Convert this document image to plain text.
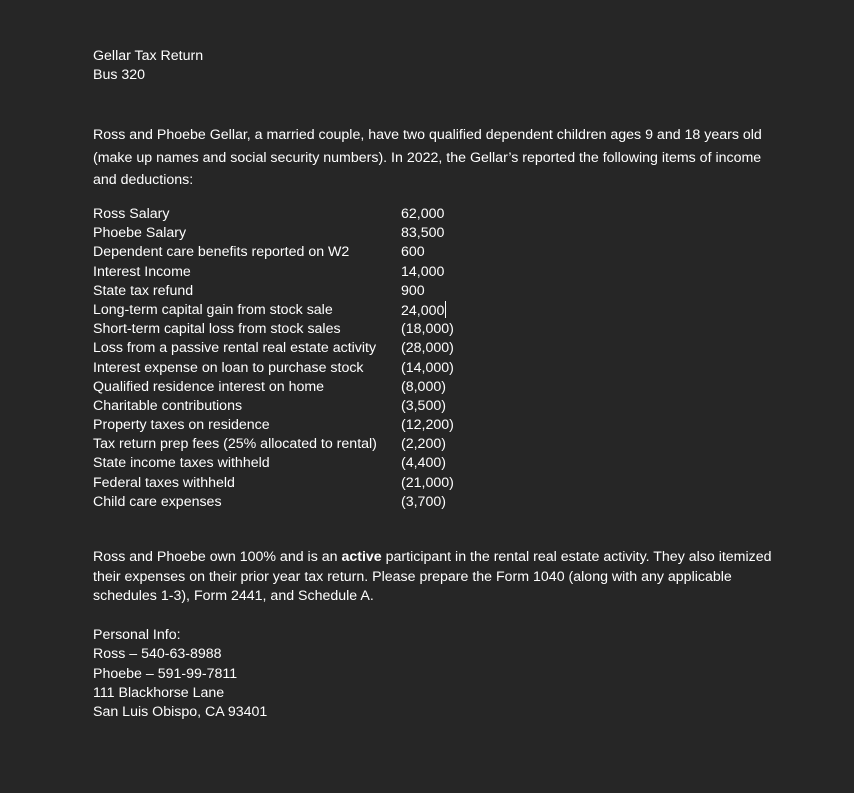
Gellar Tax Return
Bus 320
Ross and Phoebe Gellar, a married couple, have two qualified dependent children ages 9 and 18 years old (make up names and social security numbers). In 2022, the Gellar’s reported the following items of income and deductions:
Ross Salary	62,000
Phoebe Salary	83,500
Dependent care benefits reported on W2	600
Interest Income	14,000
State tax refund	900
Long-term capital gain from stock sale	24,000
Short-term capital loss from stock sales	(18,000)
Loss from a passive rental real estate activity (28,000)
Interest expense on loan to purchase stock	(14,000)
Qualified residence interest on home	(8,000)
Charitable contributions	(3,500)
Property taxes on residence	(12,200)
Tax return prep fees (25% allocated to rental) (2,200)
State income taxes withheld	(4,400)
Federal taxes withheld	(21,000)
Child care expenses	(3,700)
Ross and Phoebe own 100% and is an active participant in the rental real estate activity. They also itemized their expenses on their prior year tax return. Please prepare the Form 1040 (along with any applicable schedules 1-3), Form 2441, and Schedule A.
Personal Info:
Ross – 540-63-8988
Phoebe – 591-99-7811
111 Blackhorse Lane
San Luis Obispo, CA 93401
